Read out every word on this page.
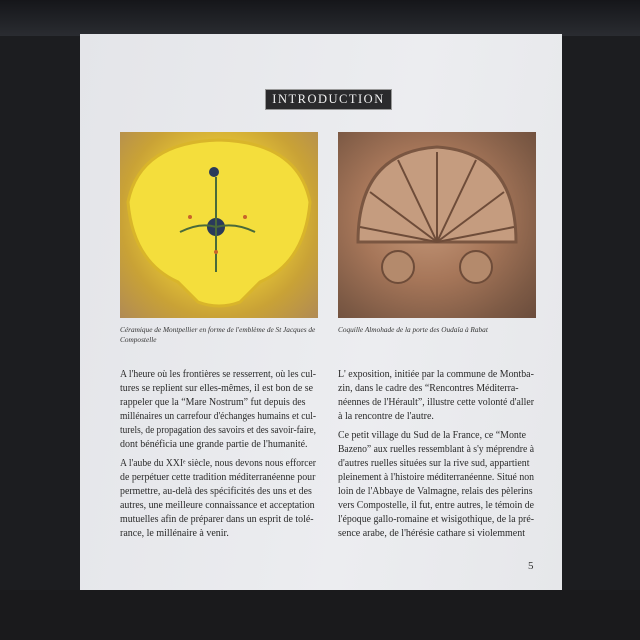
INTRODUCTION
Céramique de Montpellier en forme de l'emblème de St Jacques de Compostelle
Coquille Almohade de la porte des Oudaïa à Rabat
A l'heure où les frontières se resserrent, où les cul-
tures se replient sur elles-mêmes, il est bon de se
rappeler que la “Mare Nostrum” fut depuis des
millénaires un carrefour d'échanges humains et cul-
turels, de propagation des savoirs et des savoir-faire,
dont bénéficia une grande partie de l'humanité.
A l'aube du XXIᵉ siècle, nous devons nous efforcer
de perpétuer cette tradition méditerranéenne pour
permettre, au-delà des spécificités des uns et des
autres, une meilleure connaissance et acceptation
mutuelles afin de préparer dans un esprit de tolé-
rance, le millénaire à venir.
L' exposition, initiée par la commune de Montba-
zin, dans le cadre des “Rencontres Méditerra-
néennes de l'Hérault”, illustre cette volonté d'aller
à la rencontre de l'autre.
Ce petit village du Sud de la France, ce “Monte
Bazeno” aux ruelles ressemblant à s'y méprendre à
d'autres ruelles situées sur la rive sud, appartient
pleinement à l'histoire méditerranéenne. Situé non
loin de l'Abbaye de Valmagne, relais des pèlerins
vers Compostelle, il fut, entre autres, le témoin de
l'époque gallo-romaine et wisigothique, de la pré-
sence arabe, de l'hérésie cathare si violemment
5
